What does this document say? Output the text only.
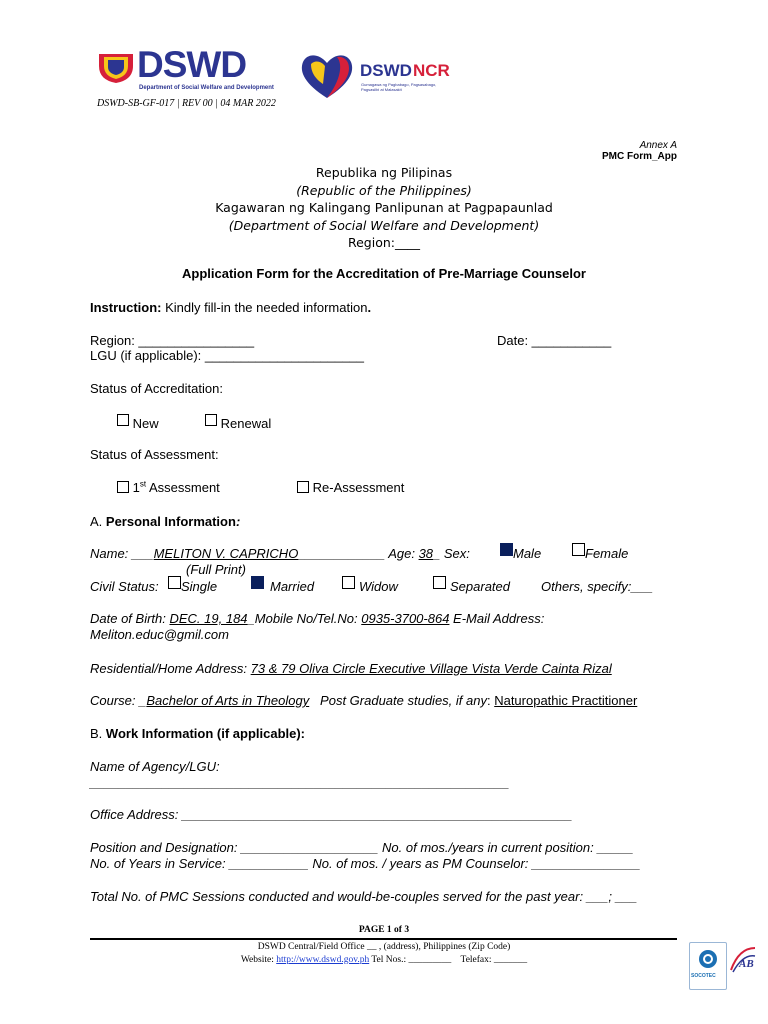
DSWD
Department of Social Welfare and Development
DSWD-SB-GF-017 | REV 00 | 04 MAR 2022
DSWD NCR
Gumagawa ng Pagbabago, Pagsasabago, Pagsasilbi at Malasakit
Annex A
PMC Form_App
Republika ng Pilipinas
(Republic of the Philippines)
Kagawaran ng Kalingang Panlipunan at Pagpapaunlad
(Department of Social Welfare and Development)
Region:____
Application Form for the Accreditation of Pre-Marriage Counselor
Instruction: Kindly fill-in the needed information.
Region: ________________	Date: ___________
LGU (if applicable): ______________________
Status of Accreditation:
New	Renewal
Status of Assessment:
1st Assessment	Re-Assessment
A. Personal Information:
Name: ___MELITON V. CAPRICHO____________ Age: 38_ Sex:	Male	Female
(Full Print)
Civil Status:	Single	Married	Widow	Separated Others, specify:___
Date of Birth: DEC. 19, 184_Mobile No/Tel.No: 0935-3700-864 E-Mail Address:
Meliton.educ@gmil.com
Residential/Home Address: 73 & 79 Oliva Circle Executive Village Vista Verde Cainta Rizal
Course: _Bachelor of Arts in Theology   Post Graduate studies, if any: Naturopathic Practitioner
B. Work Information (if applicable):
Name of Agency/LGU:
__________________________________________________________
Office Address: ______________________________________________________
Position and Designation: ___________________ No. of mos./years in current position: _____
No. of Years in Service: ___________ No. of mos. / years as PM Counselor: _______________
Total No. of PMC Sessions conducted and would-be-couples served for the past year: ___; ___
PAGE 1 of 3
DSWD Central/Field Office __ , (address), Philippines (Zip Code)
Website: http://www.dswd.gov.ph Tel Nos.: _________    Telefax: _______
SOCOTEC
AB
